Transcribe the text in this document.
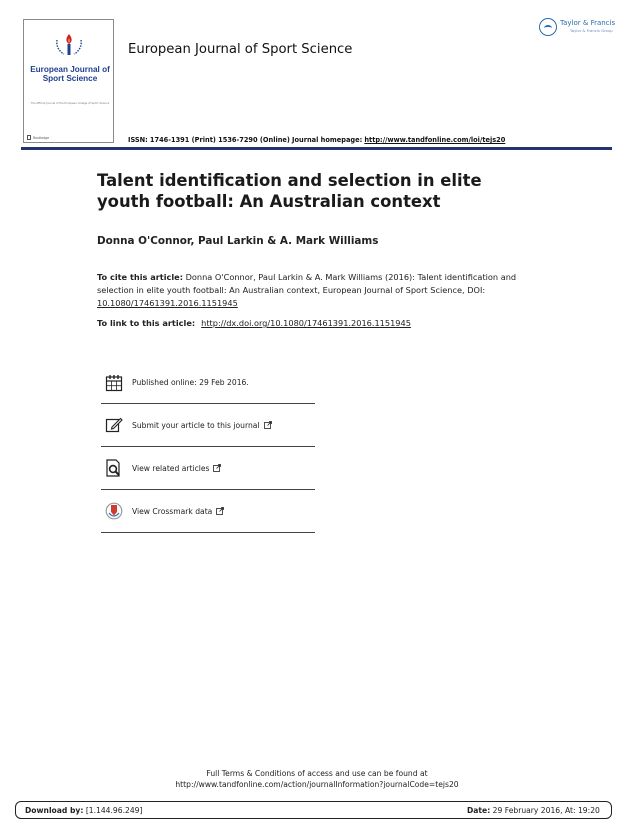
European Journal of Sport Science
The Official Journal of the European College of Sport Science
Routledge
European Journal of Sport Science
Taylor & Francis
Taylor & Francis Group
ISSN: 1746-1391 (Print) 1536-7290 (Online) Journal homepage: http://www.tandfonline.com/loi/tejs20
Talent identification and selection in elite youth football: An Australian context
Donna O'Connor, Paul Larkin & A. Mark Williams
To cite this article: Donna O'Connor, Paul Larkin & A. Mark Williams (2016): Talent identification and selection in elite youth football: An Australian context, European Journal of Sport Science, DOI: 10.1080/17461391.2016.1151945
To link to this article: http://dx.doi.org/10.1080/17461391.2016.1151945
Published online: 29 Feb 2016.
Submit your article to this journal
View related articles
View Crossmark data
Full Terms & Conditions of access and use can be found at
http://www.tandfonline.com/action/journalInformation?journalCode=tejs20
Download by: [1.144.96.249]	Date: 29 February 2016, At: 19:20
